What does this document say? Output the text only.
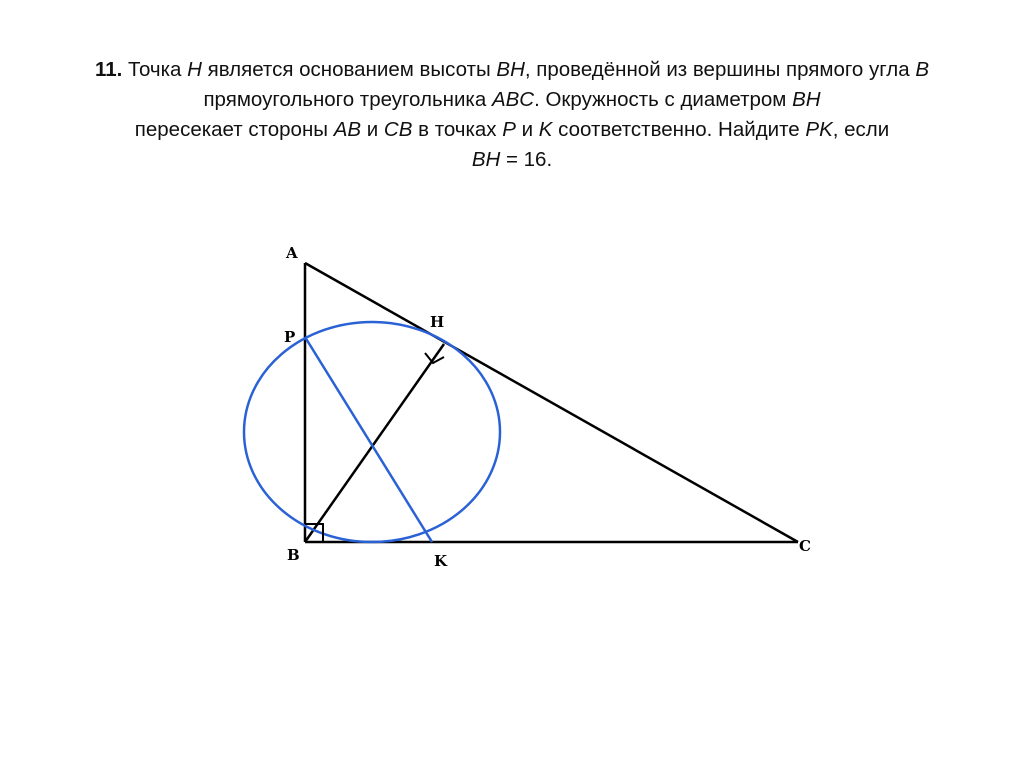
11. Точка H является основанием высоты BH, проведённой из вершины прямого угла B прямоугольного треугольника ABC. Окружность с диаметром BH
пересекает стороны AB и CB в точках P и K соответственно. Найдите PK, если
BH = 16.
A
P
H
B	K
C
